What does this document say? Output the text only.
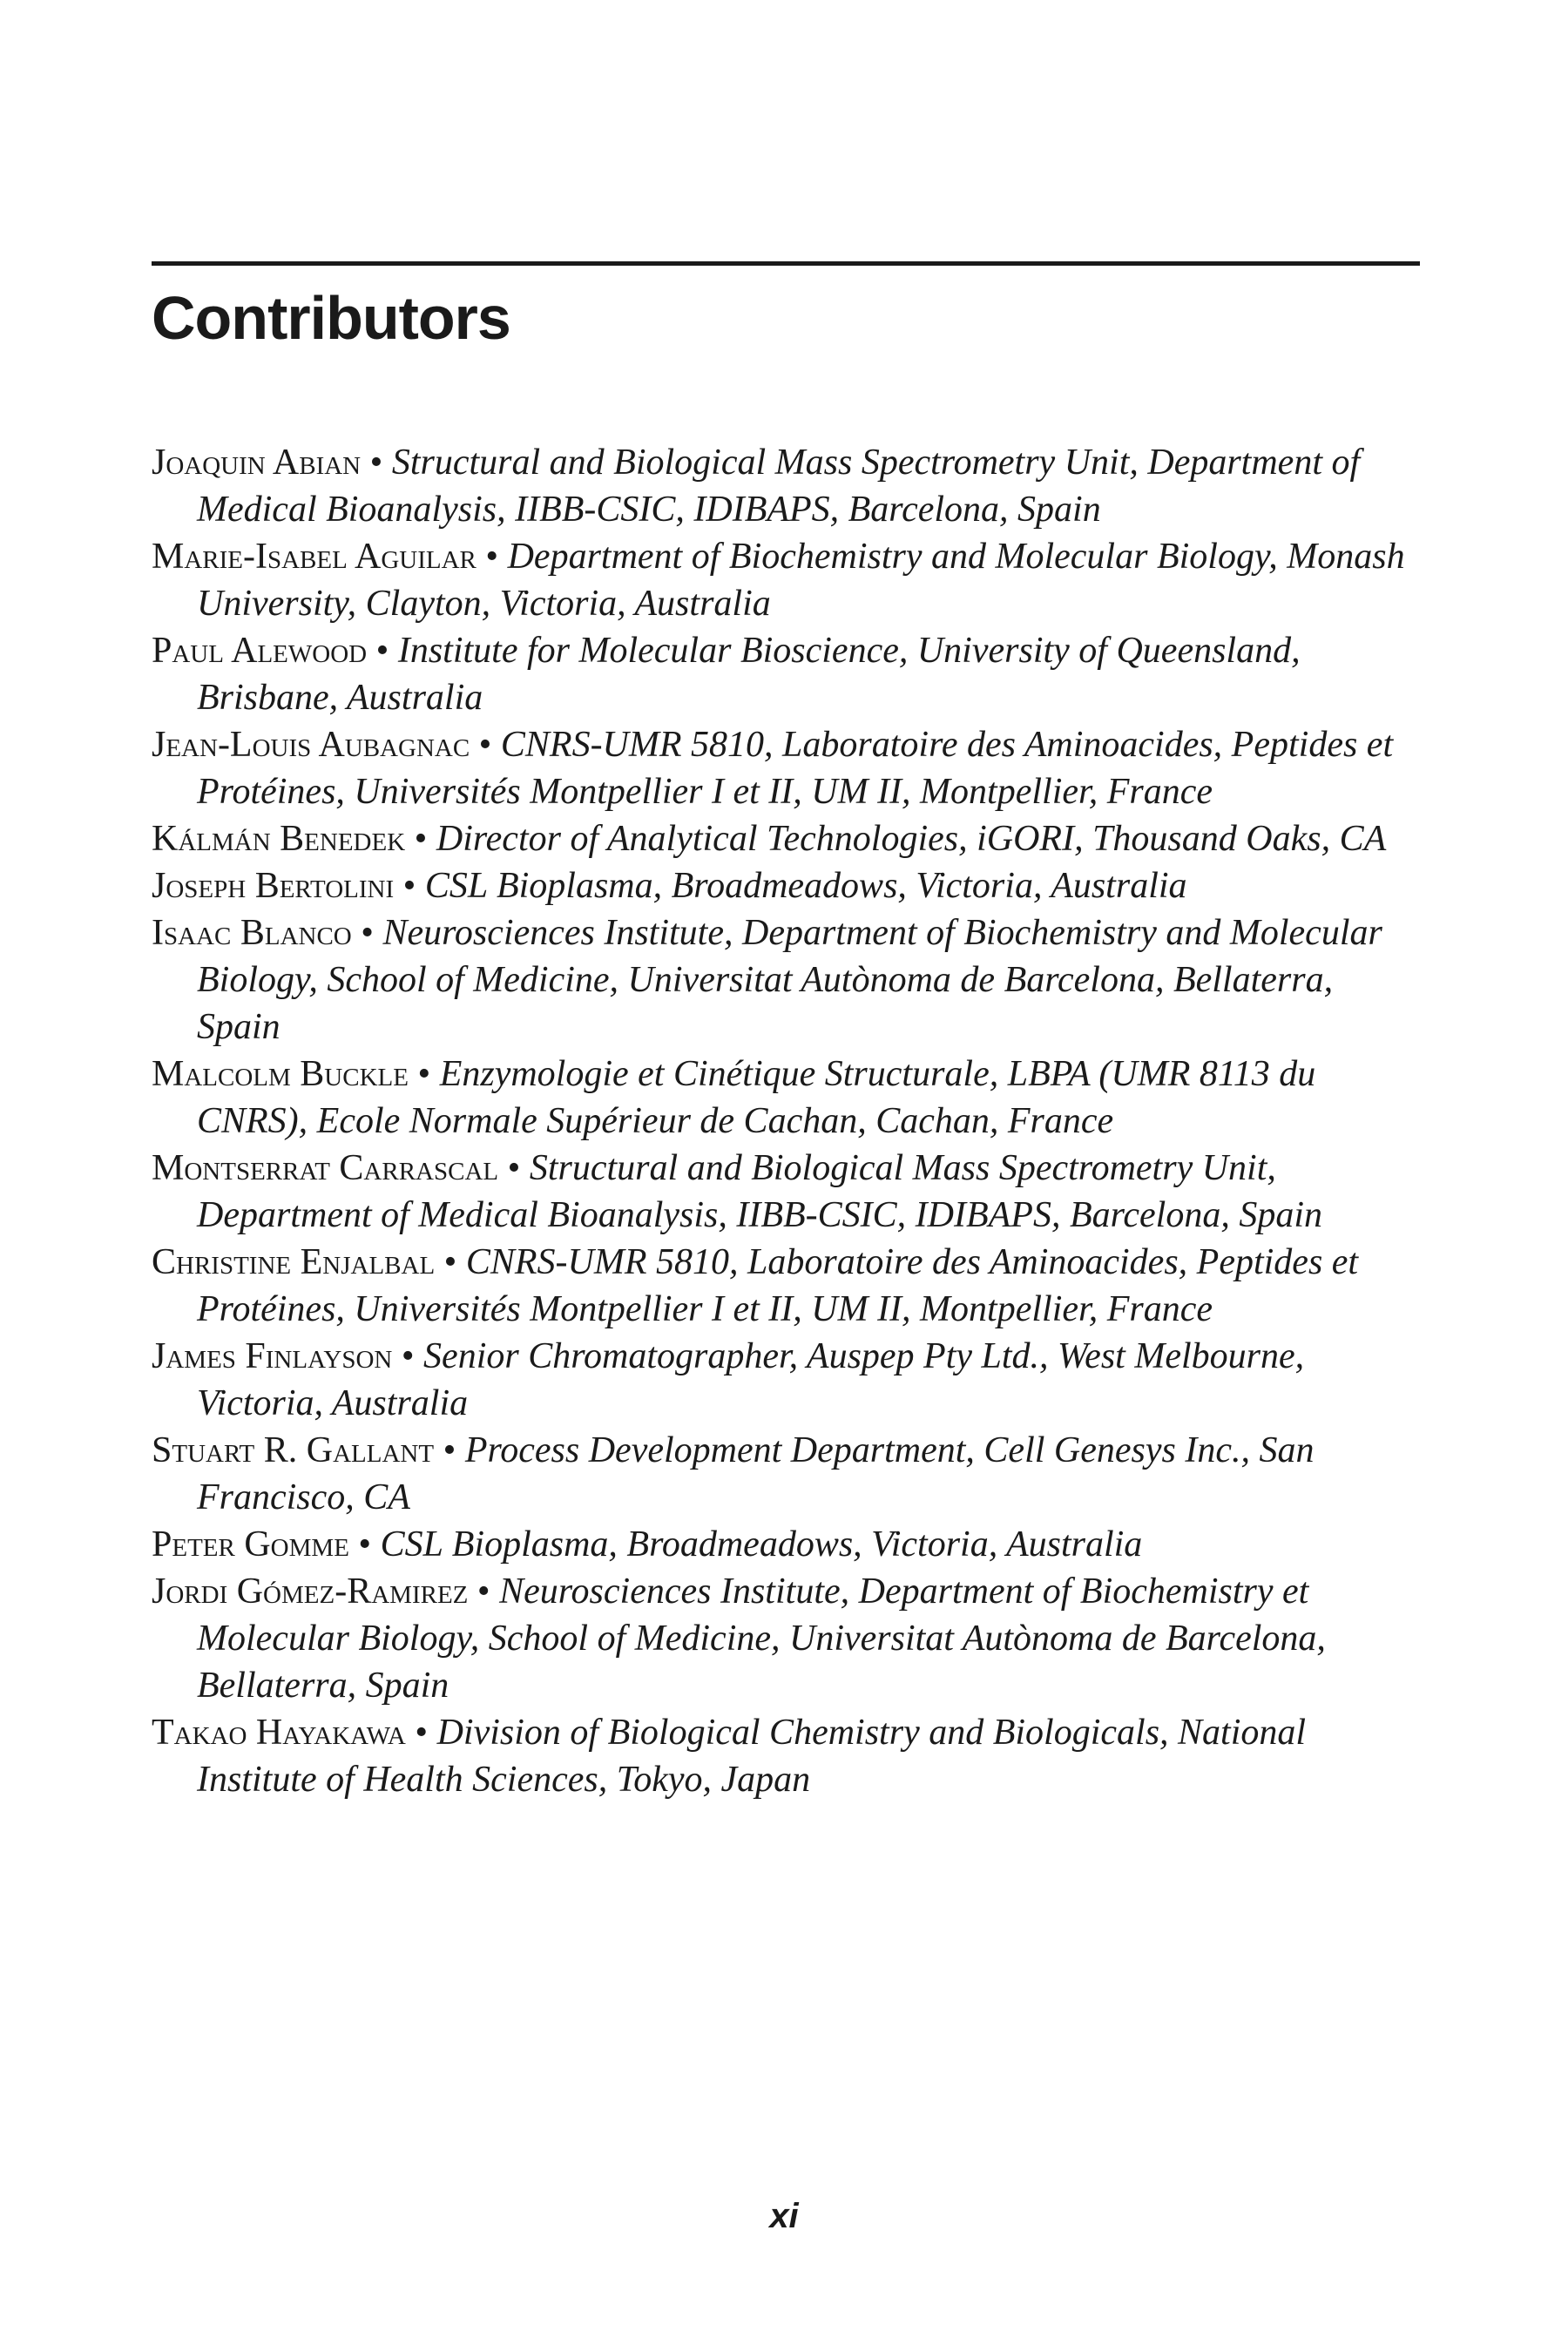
Contributors
Joaquin Abian • Structural and Biological Mass Spectrometry Unit, Department of Medical Bioanalysis, IIBB-CSIC, IDIBAPS, Barcelona, Spain
Marie-Isabel Aguilar • Department of Biochemistry and Molecular Biology, Monash University, Clayton, Victoria, Australia
Paul Alewood • Institute for Molecular Bioscience, University of Queensland, Brisbane, Australia
Jean-Louis Aubagnac • CNRS-UMR 5810, Laboratoire des Aminoacides, Peptides et Protéines, Universités Montpellier I et II, UM II, Montpellier, France
Kálmán Benedek • Director of Analytical Technologies, iGORI, Thousand Oaks, CA
Joseph Bertolini • CSL Bioplasma, Broadmeadows, Victoria, Australia
Isaac Blanco • Neurosciences Institute, Department of Biochemistry and Molecular Biology, School of Medicine, Universitat Autònoma de Barcelona, Bellaterra, Spain
Malcolm Buckle • Enzymologie et Cinétique Structurale, LBPA (UMR 8113 du CNRS), Ecole Normale Supérieur de Cachan, Cachan, France
Montserrat Carrascal • Structural and Biological Mass Spectrometry Unit, Department of Medical Bioanalysis, IIBB-CSIC, IDIBAPS, Barcelona, Spain
Christine Enjalbal • CNRS-UMR 5810, Laboratoire des Aminoacides, Peptides et Protéines, Universités Montpellier I et II, UM II, Montpellier, France
James Finlayson • Senior Chromatographer, Auspep Pty Ltd., West Melbourne, Victoria, Australia
Stuart R. Gallant • Process Development Department, Cell Genesys Inc., San Francisco, CA
Peter Gomme • CSL Bioplasma, Broadmeadows, Victoria, Australia
Jordi Gómez-Ramirez • Neurosciences Institute, Department of Biochemistry et Molecular Biology, School of Medicine, Universitat Autònoma de Barcelona, Bellaterra, Spain
Takao Hayakawa • Division of Biological Chemistry and Biologicals, National Institute of Health Sciences, Tokyo, Japan
xi
